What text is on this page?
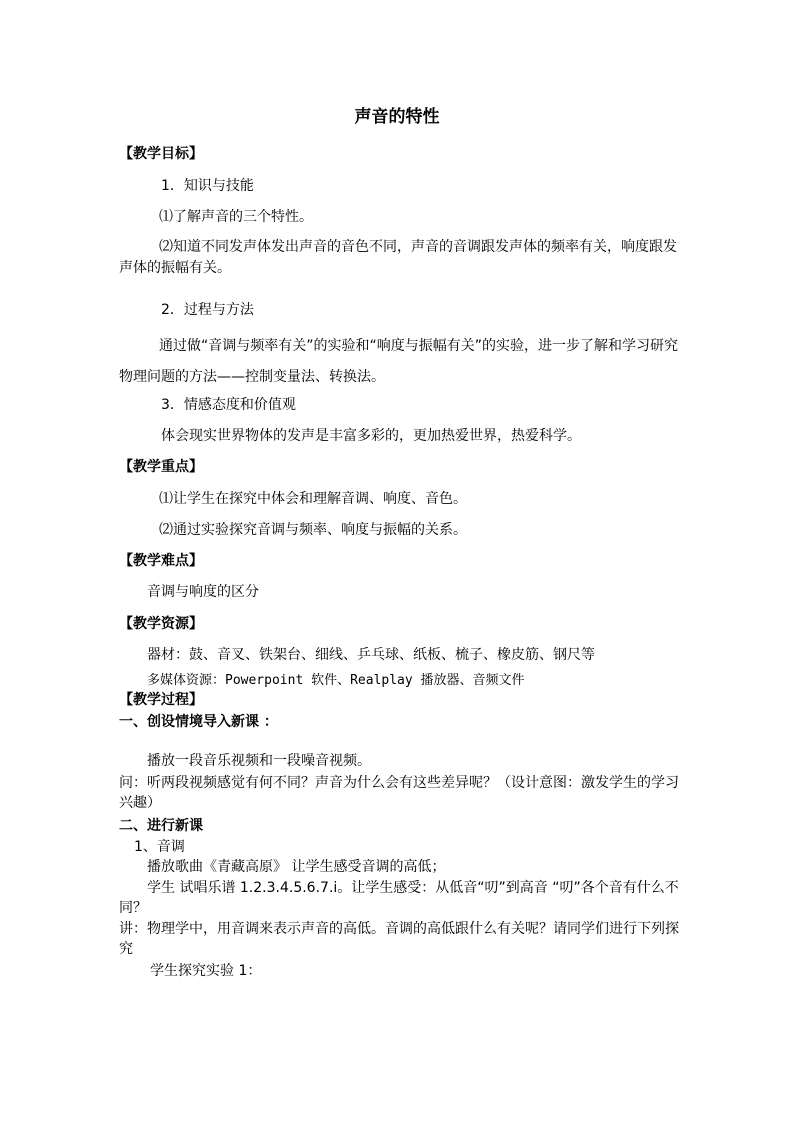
声音的特性

【教学目标】

1．知识与技能

⑴了解声音的三个特性。

⑵知道不同发声体发出声音的音色不同，声音的音调跟发声体的频率有关，响度跟发声体的振幅有关。

2．过程与方法

通过做“音调与频率有关”的实验和“响度与振幅有关”的实验，进一步了解和学习研究物理问题的方法——控制变量法、转换法。

3．情感态度和价值观

体会现实世界物体的发声是丰富多彩的，更加热爱世界，热爱科学。

【教学重点】

⑴让学生在探究中体会和理解音调、响度、音色。

⑵通过实验探究音调与频率、响度与振幅的关系。

【教学难点】

音调与响度的区分

【教学资源】

器材：鼓、音叉、铁架台、细线、乒乓球、纸板、梳子、橡皮筋、钢尺等

多媒体资源：Powerpoint 软件、Realplay 播放器、音频文件

【教学过程】

一、创设情境导入新课 ：

播放一段音乐视频和一段噪音视频。

问：听两段视频感觉有何不同？声音为什么会有这些差异呢？（设计意图：激发学生的学习兴趣）

二、进行新课

1、音调

播放歌曲《青藏高原》 让学生感受音调的高低；

学生 试唱乐谱 1.2.3.4.5.6.7.i。让学生感受：从低音“叨”到高音 “叨”各个音有什么不同？

讲：物理学中，用音调来表示声音的高低。音调的高低跟什么有关呢？请同学们进行下列探究

学生探究实验 1：
